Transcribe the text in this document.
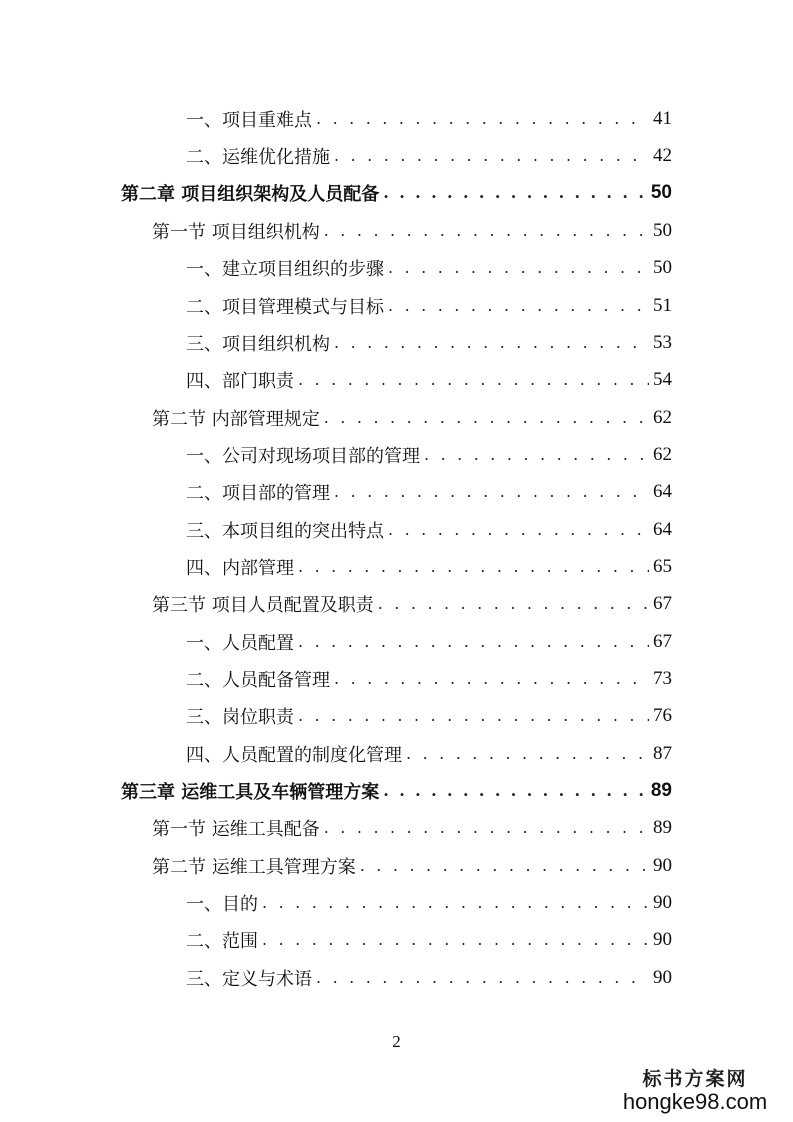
一、项目重难点 . . .	41
二、运维优化措施 . . .	42
第二章 项目组织架构及人员配备 . . .	50
第一节 项目组织机构 . . .	50
一、建立项目组织的步骤 . . .	50
二、项目管理模式与目标 . . .	51
三、项目组织机构 . . .	53
四、部门职责 . . .	54
第二节 内部管理规定 . . .	62
一、公司对现场项目部的管理 . . .	62
二、项目部的管理 . . .	64
三、本项目组的突出特点 . . .	64
四、内部管理 . . .	65
第三节 项目人员配置及职责 . . .	67
一、人员配置 . . .	67
二、人员配备管理 . . .	73
三、岗位职责 . . .	76
四、人员配置的制度化管理 . . .	87
第三章 运维工具及车辆管理方案 . . .	89
第一节 运维工具配备 . . .	89
第二节 运维工具管理方案 . . .	90
一、目的 . . .	90
二、范围 . . .	90
三、定义与术语 . . .	90
2
标书方案网
hongke98.com
